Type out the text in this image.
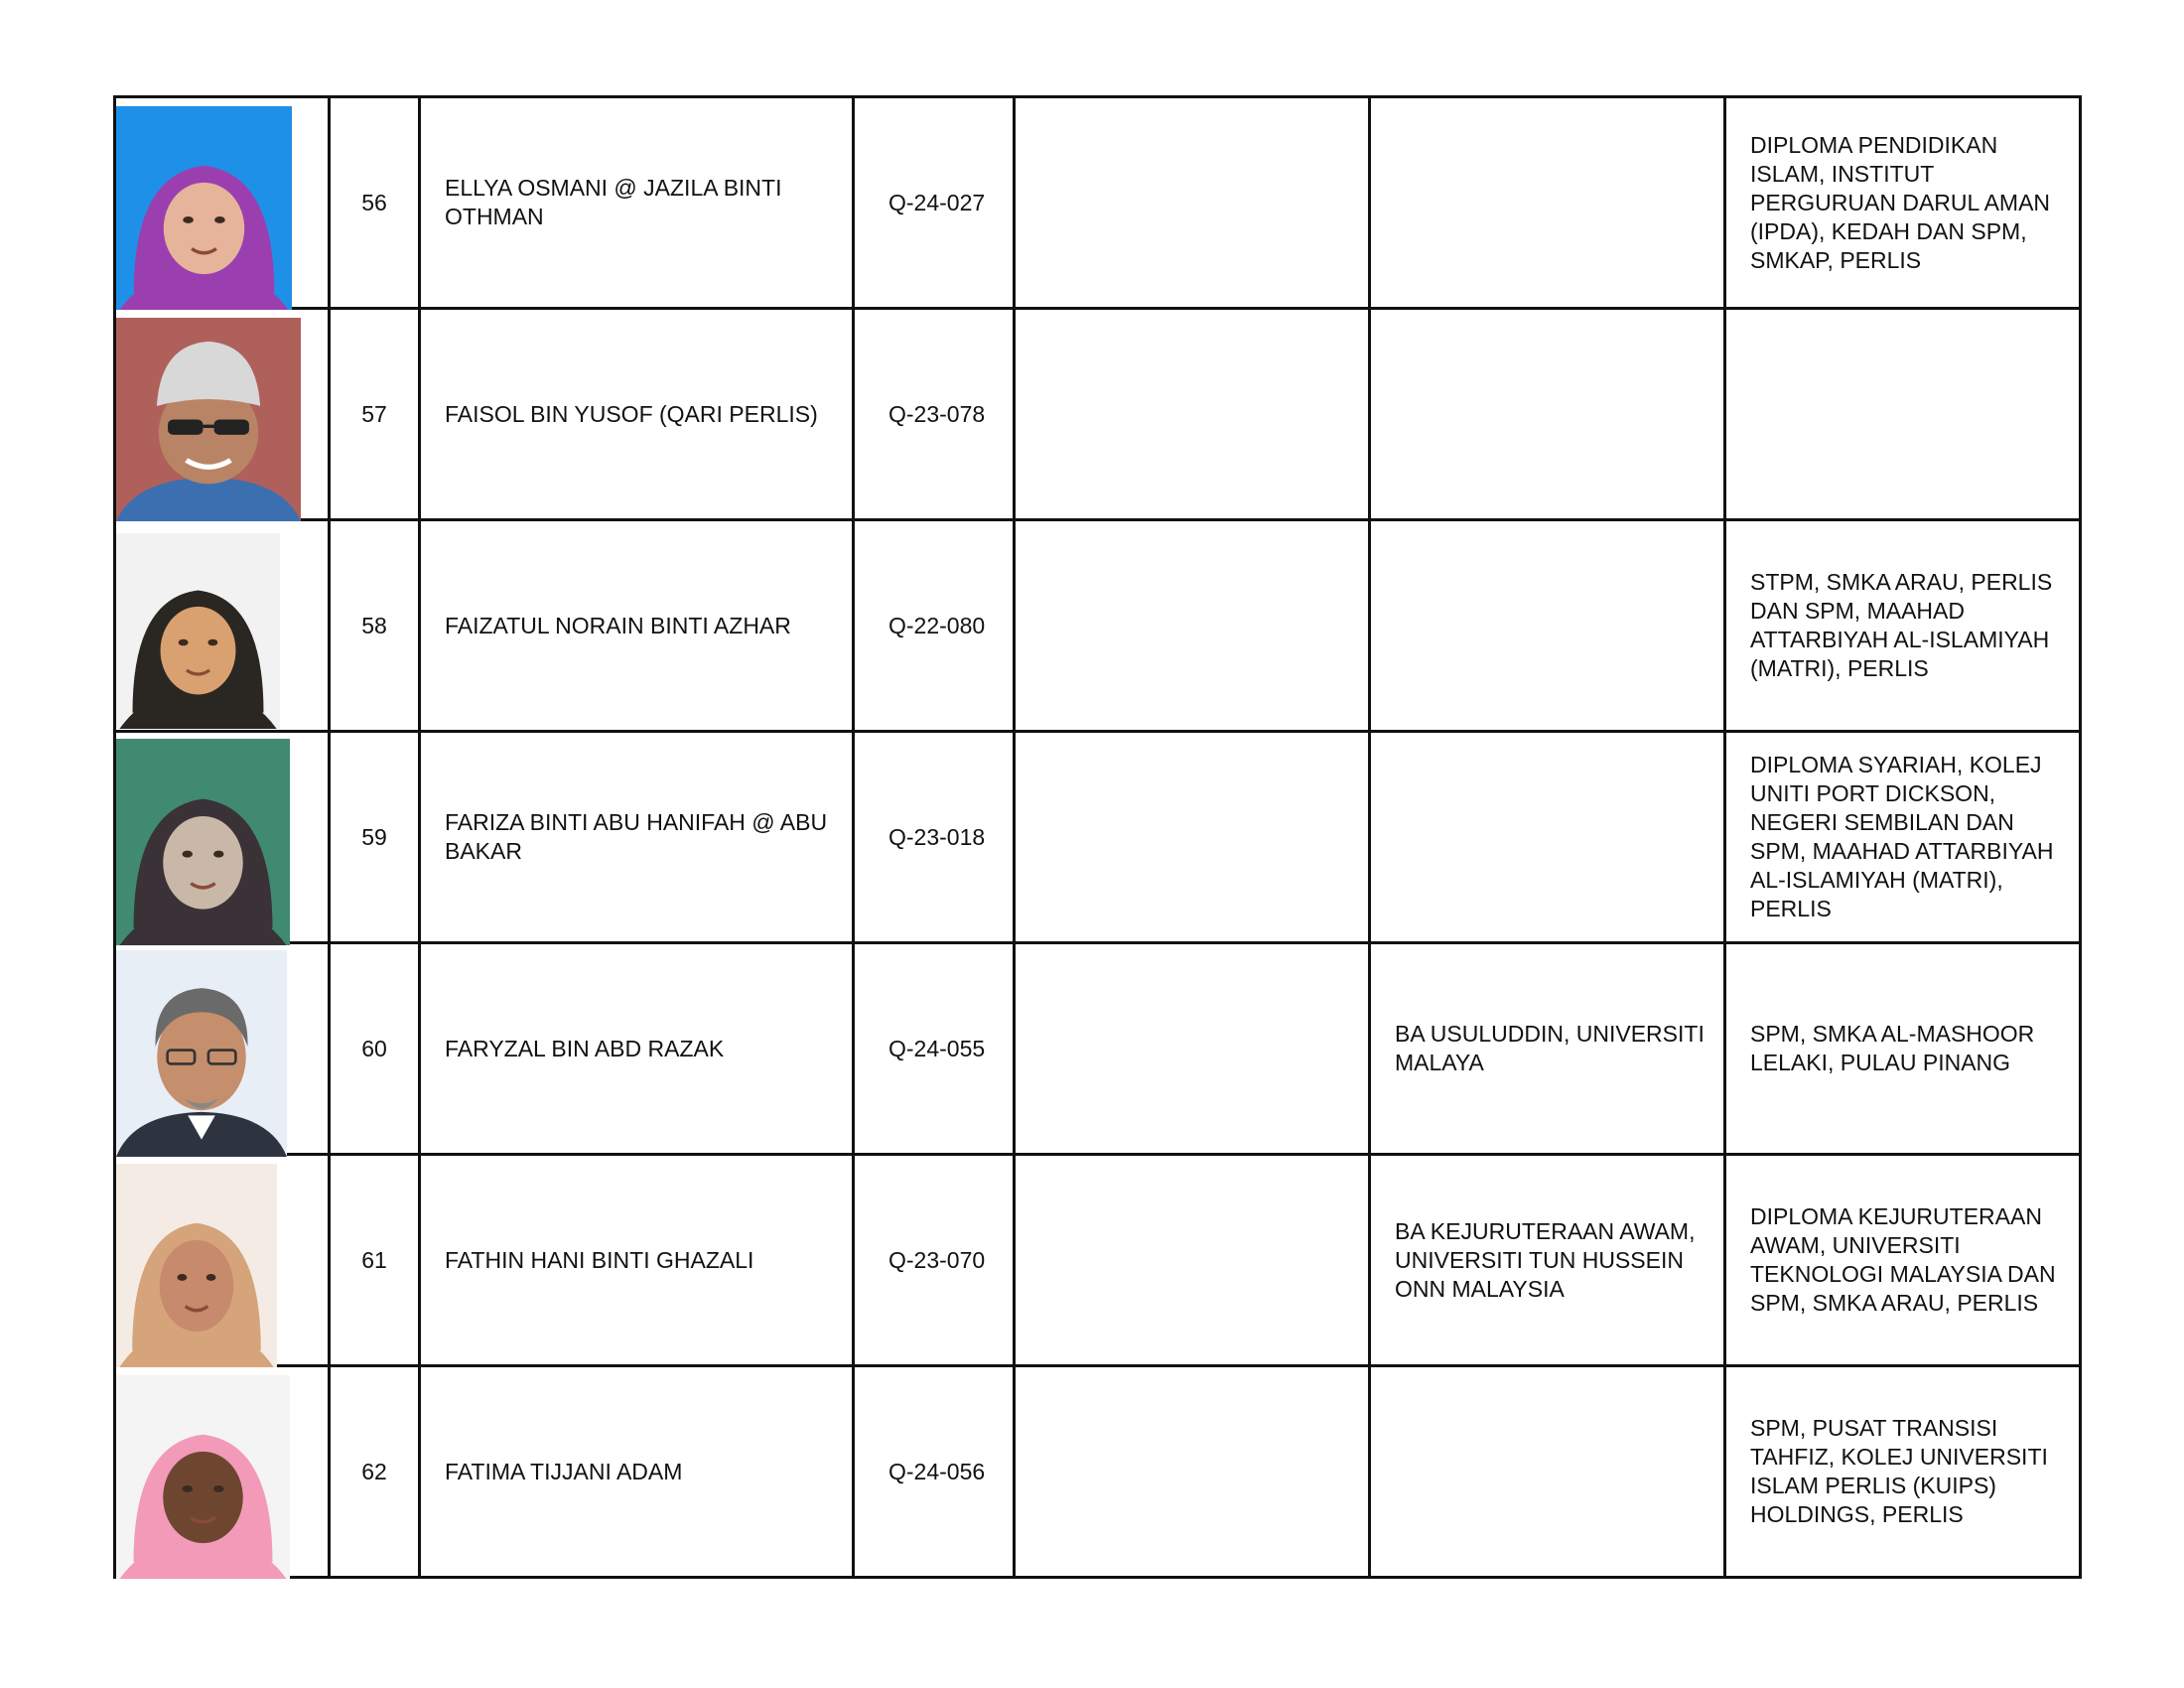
	56	ELLYA OSMANI @ JAZILA BINTI OTHMAN	Q-24-027			DIPLOMA PENDIDIKAN ISLAM, INSTITUT PERGURUAN DARUL AMAN (IPDA), KEDAH DAN SPM, SMKAP, PERLIS

	57	FAISOL BIN YUSOF (QARI PERLIS)	Q-23-078			

	58	FAIZATUL NORAIN BINTI AZHAR	Q-22-080			STPM, SMKA ARAU, PERLIS DAN SPM, MAAHAD ATTARBIYAH AL-ISLAMIYAH (MATRI), PERLIS

	59	FARIZA BINTI ABU HANIFAH @ ABU BAKAR	Q-23-018			DIPLOMA SYARIAH, KOLEJ UNITI PORT DICKSON, NEGERI SEMBILAN DAN SPM, MAAHAD ATTARBIYAH AL-ISLAMIYAH (MATRI), PERLIS

	60	FARYZAL BIN ABD RAZAK	Q-24-055		BA USULUDDIN, UNIVERSITI MALAYA	SPM, SMKA AL-MASHOOR LELAKI, PULAU PINANG

	61	FATHIN HANI BINTI GHAZALI	Q-23-070		BA KEJURUTERAAN AWAM, UNIVERSITI TUN HUSSEIN ONN MALAYSIA	DIPLOMA KEJURUTERAAN AWAM, UNIVERSITI TEKNOLOGI MALAYSIA DAN SPM, SMKA ARAU, PERLIS

	62	FATIMA TIJJANI ADAM	Q-24-056			SPM, PUSAT TRANSISI TAHFIZ, KOLEJ UNIVERSITI ISLAM PERLIS (KUIPS) HOLDINGS, PERLIS
